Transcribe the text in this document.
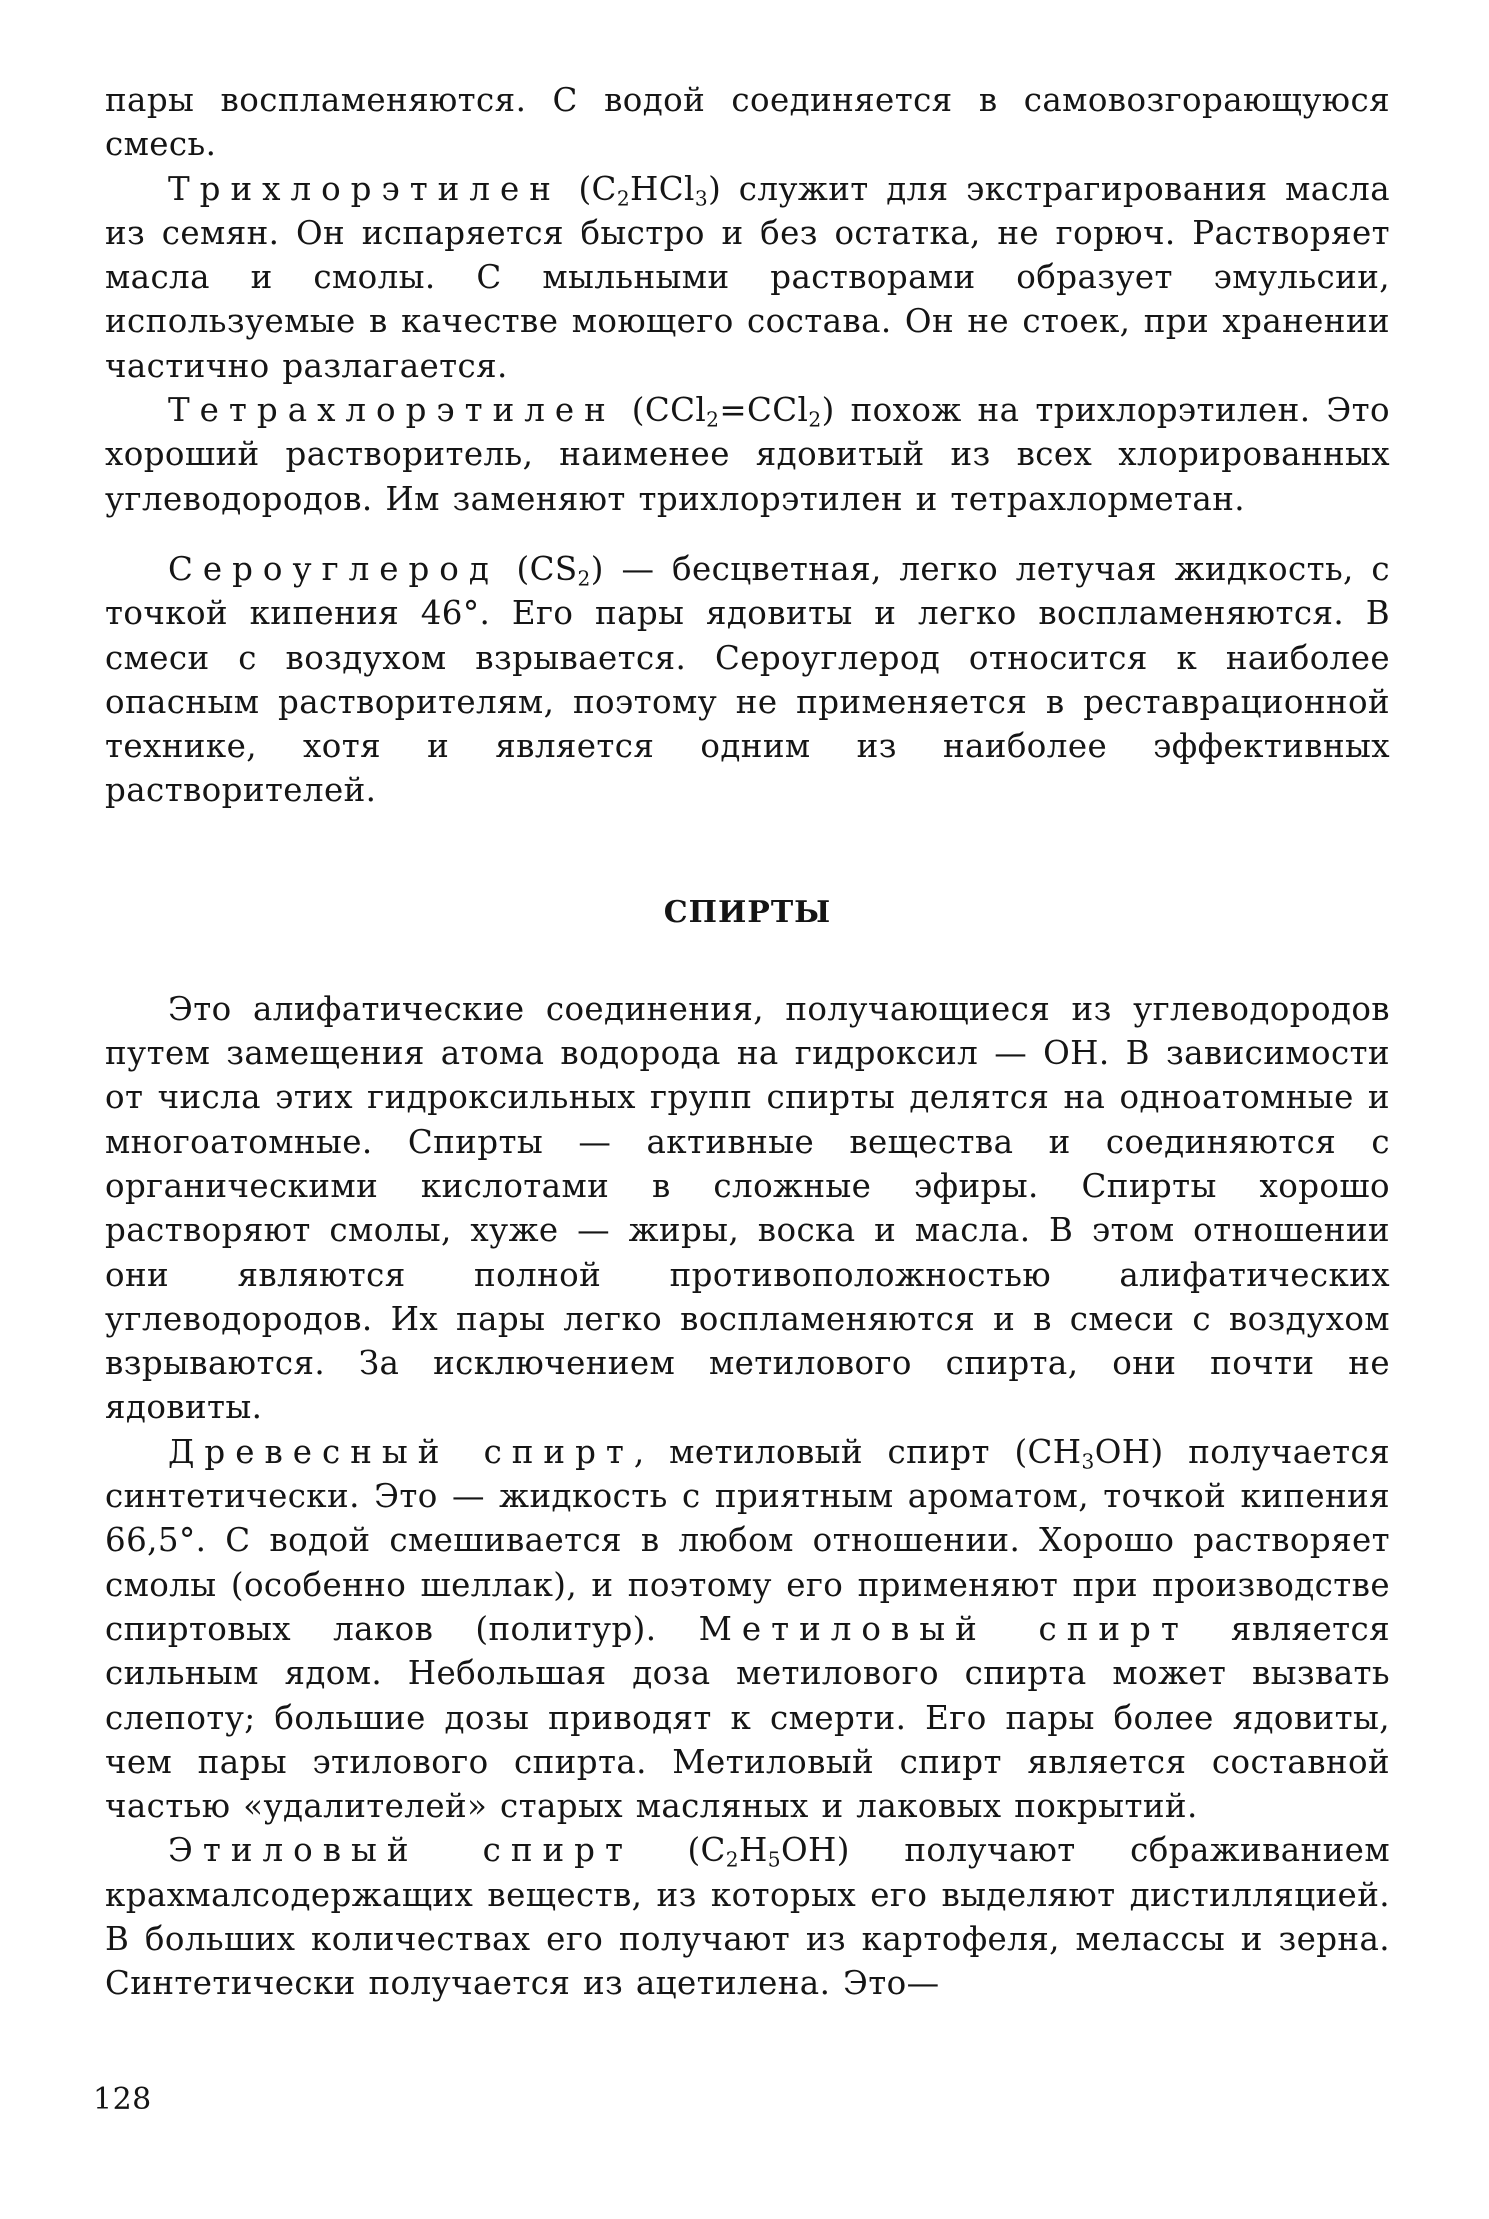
пары воспламеняются. С водой соединяется в самовозгорающуюся смесь.

Трихлорэтилен $(C_2HCl_3)$ служит для экстрагирования масла из семян. Он испаряется быстро и без остатка, не горюч. Растворяет масла и смолы. С мыльными растворами образует эмульсии, используемые в качестве моющего состава. Он не стоек, при хранении частично разлагается.

Тетрахлорэтилен (CCl$_2$=CCl$_2$) похож на трихлорэтилен. Это хороший растворитель, наименее ядовитый из всех хлорированных углеводородов. Им заменяют трихлорэтилен и тетрахлорметан.

Сероуглерод $(CS_2)$ — бесцветная, легко летучая жидкость, с точкой кипения 46°. Его пары ядовиты и легко воспламеняются. В смеси с воздухом взрывается. Сероуглерод относится к наиболее опасным растворителям, поэтому не применяется в реставрационной технике, хотя и является одним из наиболее эффективных растворителей.

СПИРТЫ

Это алифатические соединения, получающиеся из углеводородов путем замещения атома водорода на гидроксил — OH. В зависимости от числа этих гидроксильных групп спирты делятся на одноатомные и многоатомные. Спирты — активные вещества и соединяются с органическими кислотами в сложные эфиры. Спирты хорошо растворяют смолы, хуже — жиры, воска и масла. В этом отношении они являются полной противоположностью алифатических углеводородов. Их пары легко воспламеняются и в смеси с воздухом взрываются. За исключением метилового спирта, они почти не ядовиты.

Древесный спирт, метиловый спирт $(CH_3OH)$ получается синтетически. Это — жидкость с приятным ароматом, точкой кипения 66,5°. С водой смешивается в любом отношении. Хорошо растворяет смолы (особенно шеллак), и поэтому его применяют при производстве спиртовых лаков (политур). Метиловый спирт является сильным ядом. Небольшая доза метилового спирта может вызвать слепоту; большие дозы приводят к смерти. Его пары более ядовиты, чем пары этилового спирта. Метиловый спирт является составной частью «удалителей» старых масляных и лаковых покрытий.

Этиловый спирт $(C_2H_5OH)$ получают сбраживанием крахмалсодержащих веществ, из которых его выделяют дистилляцией. В больших количествах его получают из картофеля, мелассы и зерна. Синтетически получается из ацетилена. Это—

128
